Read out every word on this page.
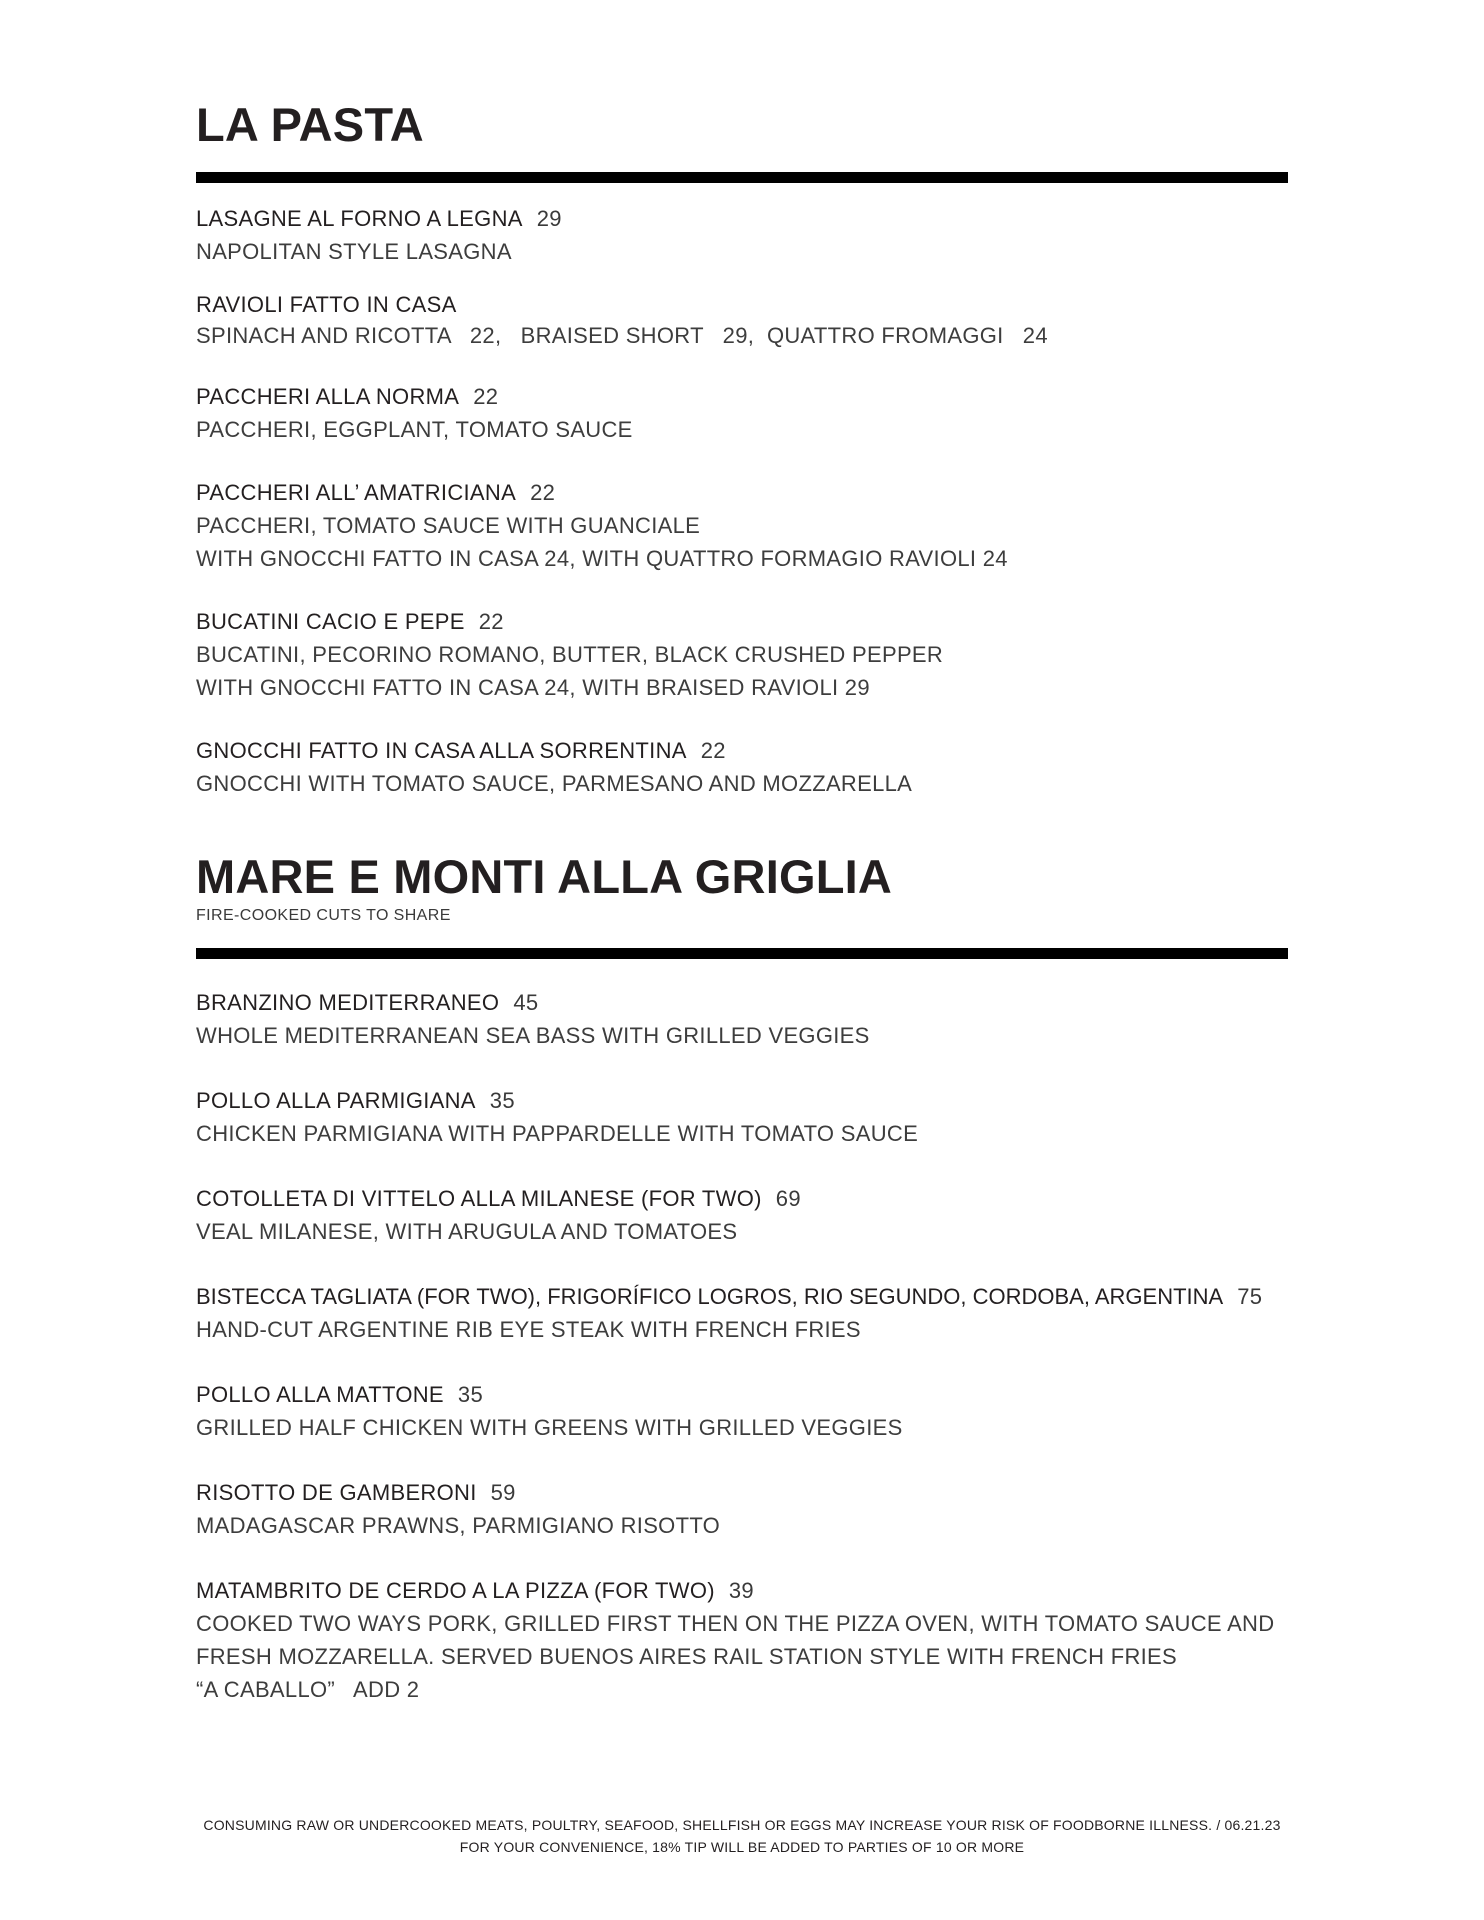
LA PASTA
LASAGNE AL FORNO A LEGNA 29
NAPOLITAN STYLE LASAGNA
RAVIOLI FATTO IN CASA
SPINACH AND RICOTTA   22,   BRAISED SHORT   29,  QUATTRO FROMAGGI   24
PACCHERI ALLA NORMA 22
PACCHERI, EGGPLANT, TOMATO SAUCE
PACCHERI ALL’ AMATRICIANA 22
PACCHERI, TOMATO SAUCE WITH GUANCIALE
WITH GNOCCHI FATTO IN CASA 24, WITH QUATTRO FORMAGIO RAVIOLI 24
BUCATINI CACIO E PEPE 22
BUCATINI, PECORINO ROMANO, BUTTER, BLACK CRUSHED PEPPER
WITH GNOCCHI FATTO IN CASA 24, WITH BRAISED RAVIOLI 29
GNOCCHI FATTO IN CASA ALLA SORRENTINA 22
GNOCCHI WITH TOMATO SAUCE, PARMESANO AND MOZZARELLA
MARE E MONTI ALLA GRIGLIA
FIRE-COOKED CUTS TO SHARE
BRANZINO MEDITERRANEO 45
WHOLE MEDITERRANEAN SEA BASS WITH GRILLED VEGGIES
POLLO ALLA PARMIGIANA 35
CHICKEN PARMIGIANA WITH PAPPARDELLE WITH TOMATO SAUCE
COTOLLETA DI VITTELO ALLA MILANESE (FOR TWO) 69
VEAL MILANESE, WITH ARUGULA AND TOMATOES
BISTECCA TAGLIATA (FOR TWO), FRIGORÍFICO LOGROS, RIO SEGUNDO, CORDOBA, ARGENTINA 75
HAND-CUT ARGENTINE RIB EYE STEAK WITH FRENCH FRIES
POLLO ALLA MATTONE 35
GRILLED HALF CHICKEN WITH GREENS WITH GRILLED VEGGIES
RISOTTO DE GAMBERONI 59
MADAGASCAR PRAWNS, PARMIGIANO RISOTTO
MATAMBRITO DE CERDO A LA PIZZA (FOR TWO) 39
COOKED TWO WAYS PORK, GRILLED FIRST THEN ON THE PIZZA OVEN, WITH TOMATO SAUCE AND
FRESH MOZZARELLA. SERVED BUENOS AIRES RAIL STATION STYLE WITH FRENCH FRIES
“A CABALLO”   ADD 2
CONSUMING RAW OR UNDERCOOKED MEATS, POULTRY, SEAFOOD, SHELLFISH OR EGGS MAY INCREASE YOUR RISK OF FOODBORNE ILLNESS. / 06.21.23
FOR YOUR CONVENIENCE, 18% TIP WILL BE ADDED TO PARTIES OF 10 OR MORE
